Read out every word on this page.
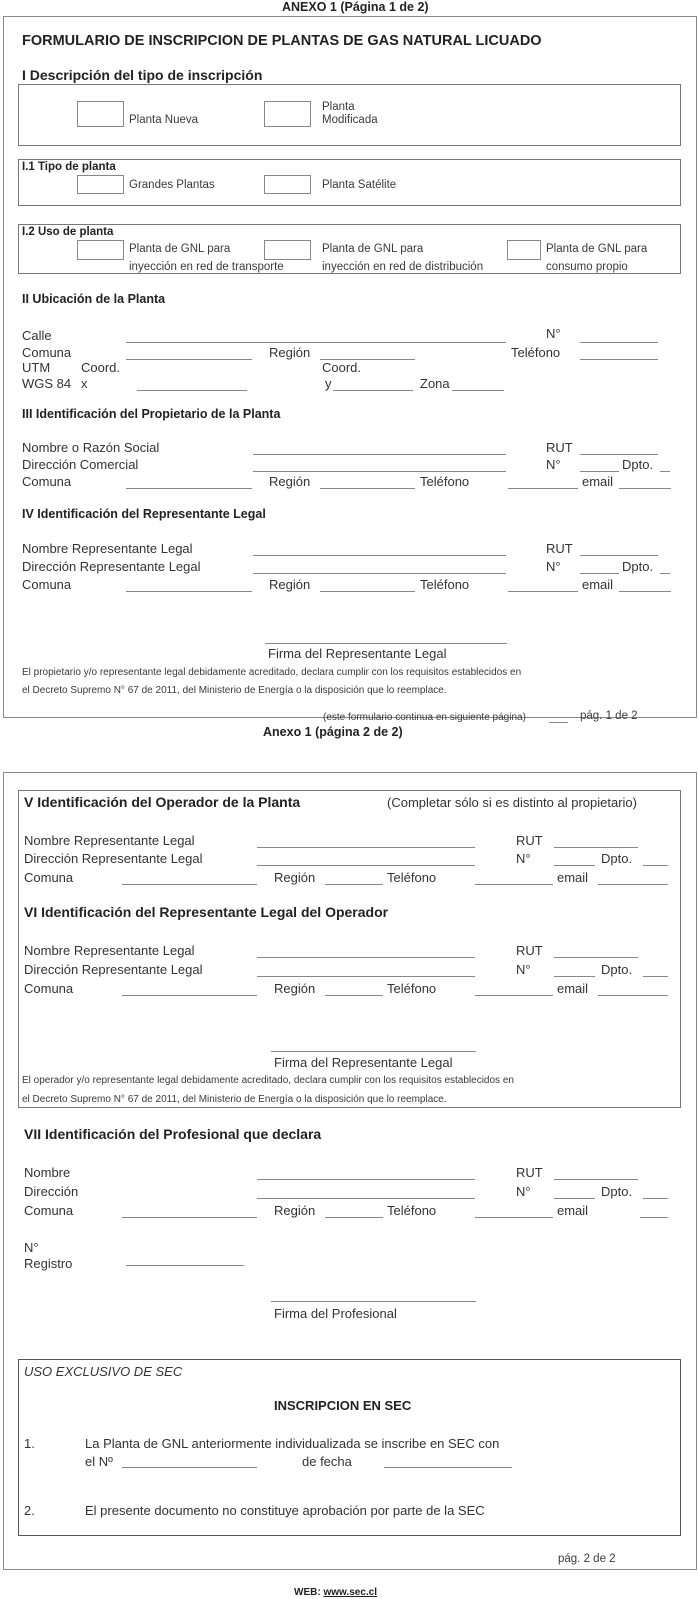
ANEXO 1 (Página 1 de 2)
FORMULARIO DE INSCRIPCION DE PLANTAS DE GAS NATURAL LICUADO
I Descripción del tipo de inscripción
Planta Nueva
Planta
Modificada
I.1 Tipo de planta
Grandes Plantas	Planta Satélite
I.2 Uso de planta
Planta de GNL para
inyección en red de transporte
Planta de GNL para
inyección en red de distribución
Planta de GNL para
consumo propio
II Ubicación de la Planta
Calle	N°
Comuna	Región	Teléfono
UTM Coord.	Coord.
WGS 84 x	y	Zona
III Identificación del Propietario de la Planta
Nombre o Razón Social	RUT
Dirección Comercial	N°	Dpto.
Comuna	Región	Teléfono	email
IV Identificación del Representante Legal
Nombre Representante Legal	RUT
Dirección Representante Legal	N°	Dpto.
Comuna	Región	Teléfono	email
Firma del Representante Legal
El propietario y/o representante legal debidamente acreditado, declara cumplir con los requisitos establecidos en
el Decreto Supremo N° 67 de 2011, del Ministerio de Energía o la disposición que lo reemplace.
(este formulario continua en siguiente página)	pág. 1 de 2
Anexo 1 (página 2 de 2)
V Identificación del Operador de la Planta	(Completar sólo si es distinto al propietario)
Nombre Representante Legal	RUT
Dirección Representante Legal	N°	Dpto.
Comuna	Región	Teléfono	email
VI Identificación del Representante Legal del Operador
Nombre Representante Legal	RUT
Dirección Representante Legal	N°	Dpto.
Comuna	Región	Teléfono	email
Firma del Representante Legal
El operador y/o representante legal debidamente acreditado, declara cumplir con los requisitos establecidos en
el Decreto Supremo N° 67 de 2011, del Ministerio de Energía o la disposición que lo reemplace.
VII Identificación del Profesional que declara
Nombre	RUT
Dirección	N°	Dpto.
Comuna	Región	Teléfono	email
N°
Registro
Firma del Profesional
USO EXCLUSIVO DE SEC
INSCRIPCION EN SEC
1.	La Planta de GNL anteriormente individualizada se inscribe en SEC con
el Nº	de fecha
2.	El presente documento no constituye aprobación por parte de la SEC
pág. 2 de 2
WEB: www.sec.cl
